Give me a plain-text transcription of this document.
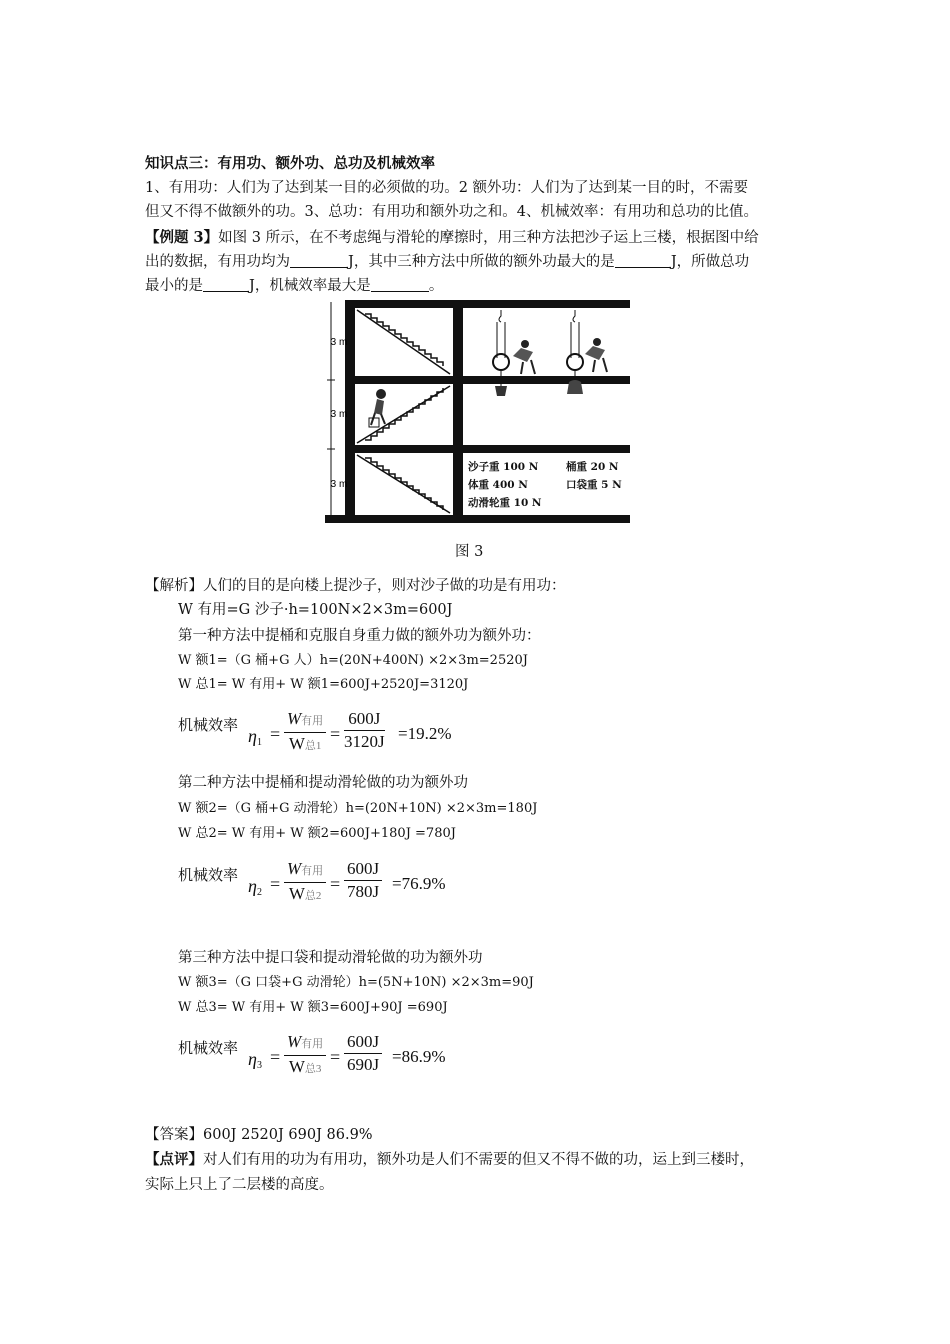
知识点三：有用功、额外功、总功及机械效率
1、有用功：人们为了达到某一目的必须做的功。2 额外功：人们为了达到某一目的时，不需要
但又不得不做额外的功。3、总功：有用功和额外功之和。4、机械效率：有用功和总功的比值。
【例题 3】如图 3 所示，在不考虑绳与滑轮的摩擦时，用三种方法把沙子运上三楼，根据图中给
出的数据，有用功均为	J，其中三种方法中所做的额外功最大的是	J，所做总功
最小的是	J，机械效率最大是	。
3 m
3 m
3 m
沙子重 100 N	桶重 20 N
体重 400 N	口袋重 5 N
动滑轮重 10 N
图 3
【解析】人们的目的是向楼上提沙子，则对沙子做的功是有用功：
W 有用=G 沙子·h=100N×2×3m=600J
第一种方法中提桶和克服自身重力做的额外功为额外功：
W 额1=（G 桶+G 人）h=(20N+400N) ×2×3m=2520J
W 总1= W 有用+ W 额1=600J+2520J=3120J
机械效率
η1 =
W有用
W总1
= $\frac{600J}{3120J} =19.2\%$
第二种方法中提桶和提动滑轮做的功为额外功
W 额2=（G 桶+G 动滑轮）h=(20N+10N) ×2×3m=180J
W 总2= W 有用+ W 额2=600J+180J =780J
机械效率
η2 =
W有用
W总2
= $\frac{600J}{780J} =76.9\%$
第三种方法中提口袋和提动滑轮做的功为额外功
W 额3=（G 口袋+G 动滑轮）h=(5N+10N) ×2×3m=90J
W 总3= W 有用+ W 额3=600J+90J =690J
机械效率
η3 =
W有用
W总3
= $\frac{600J}{690J} =86.9\%$
【答案】600J 2520J 690J 86.9%
【点评】对人们有用的功为有用功，额外功是人们不需要的但又不得不做的功，运上到三楼时，
实际上只上了二层楼的高度。
